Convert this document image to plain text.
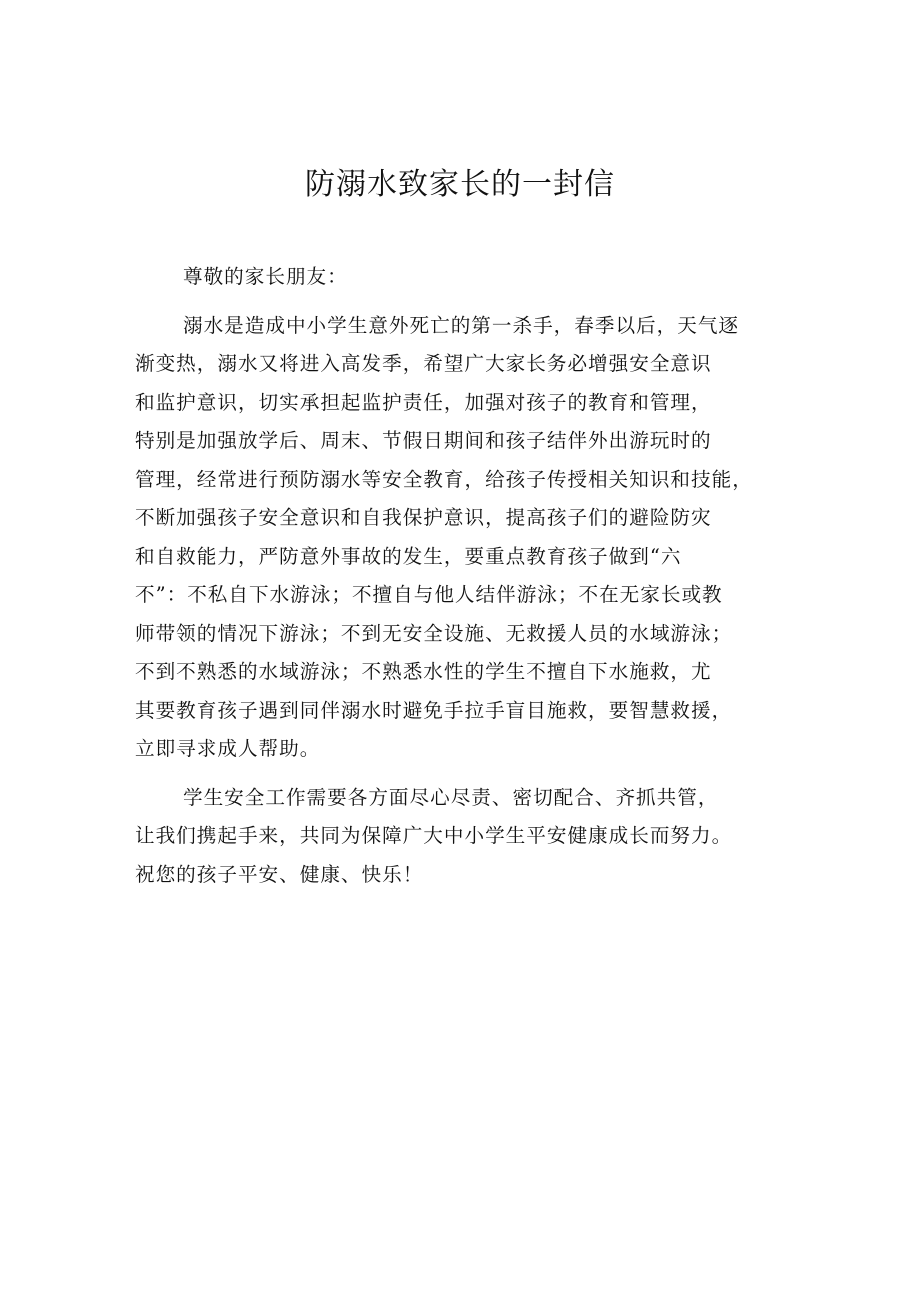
防溺水致家长的一封信
尊敬的家长朋友：
溺水是造成中小学生意外死亡的第一杀手，春季以后，天气逐
渐变热，溺水又将进入高发季，希望广大家长务必增强安全意识
和监护意识，切实承担起监护责任，加强对孩子的教育和管理，
特别是加强放学后、周末、节假日期间和孩子结伴外出游玩时的
管理，经常进行预防溺水等安全教育，给孩子传授相关知识和技能，
不断加强孩子安全意识和自我保护意识，提高孩子们的避险防灾
和自救能力，严防意外事故的发生，要重点教育孩子做到“六
不”：不私自下水游泳；不擅自与他人结伴游泳；不在无家长或教
师带领的情况下游泳；不到无安全设施、无救援人员的水域游泳；
不到不熟悉的水域游泳；不熟悉水性的学生不擅自下水施救，尤
其要教育孩子遇到同伴溺水时避免手拉手盲目施救，要智慧救援，
立即寻求成人帮助。
学生安全工作需要各方面尽心尽责、密切配合、齐抓共管，
让我们携起手来，共同为保障广大中小学生平安健康成长而努力。
祝您的孩子平安、健康、快乐！
